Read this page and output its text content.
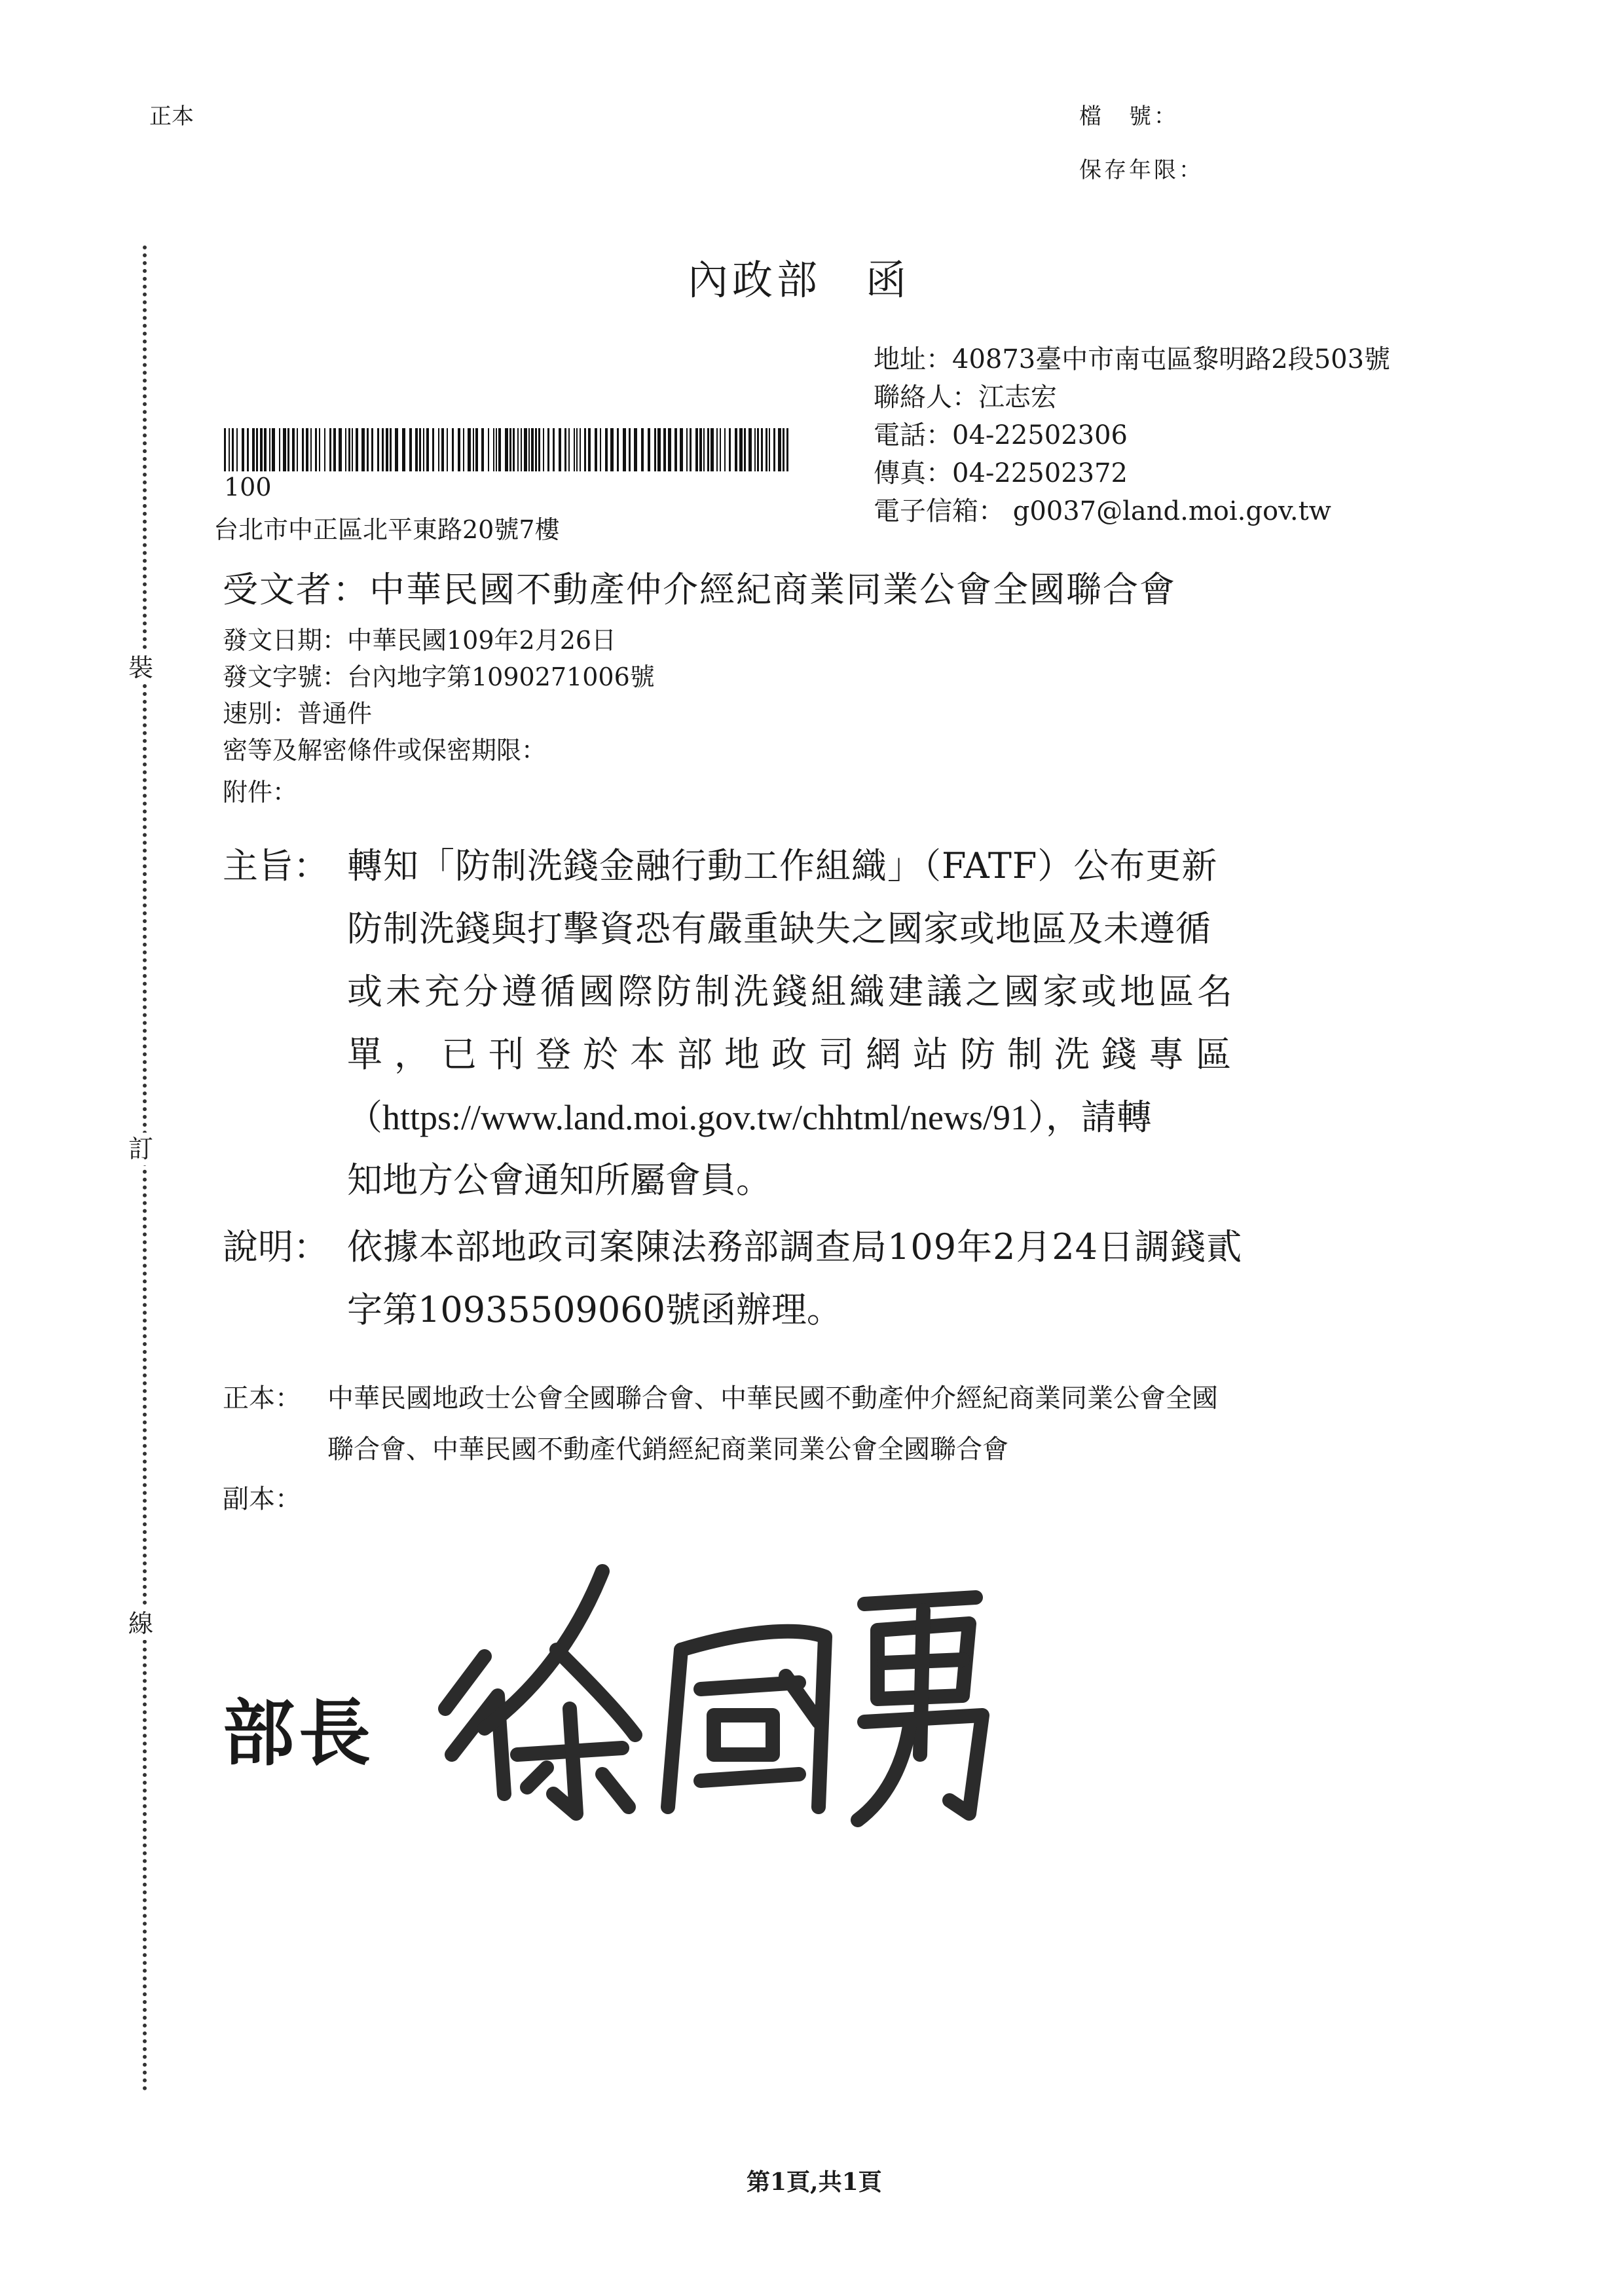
正本	檔　號：
保存年限：
裝
訂
線
內政部　函
地址：40873臺中市南屯區黎明路2段503號
聯絡人：江志宏
電話：04-22502306
傳真：04-22502372
電子信箱： g0037@land.moi.gov.tw
100
台北市中正區北平東路20號7樓
受文者：中華民國不動產仲介經紀商業同業公會全國聯合會
發文日期：中華民國109年2月26日
發文字號：台內地字第1090271006號
速別：普通件
密等及解密條件或保密期限：
附件：
主旨： 轉知「防制洗錢金融行動工作組織」（FATF）公布更新
防制洗錢與打擊資恐有嚴重缺失之國家或地區及未遵循
或未充分遵循國際防制洗錢組織建議之國家或地區名
單，已刊登於本部地政司網站防制洗錢專區
（https://www.land.moi.gov.tw/chhtml/news/91），請轉
知地方公會通知所屬會員。
說明： 依據本部地政司案陳法務部調查局109年2月24日調錢貳
字第10935509060號函辦理。
正本： 中華民國地政士公會全國聯合會、中華民國不動產仲介經紀商業同業公會全國
聯合會、中華民國不動產代銷經紀商業同業公會全國聯合會
副本：
部長
第1頁,共1頁
